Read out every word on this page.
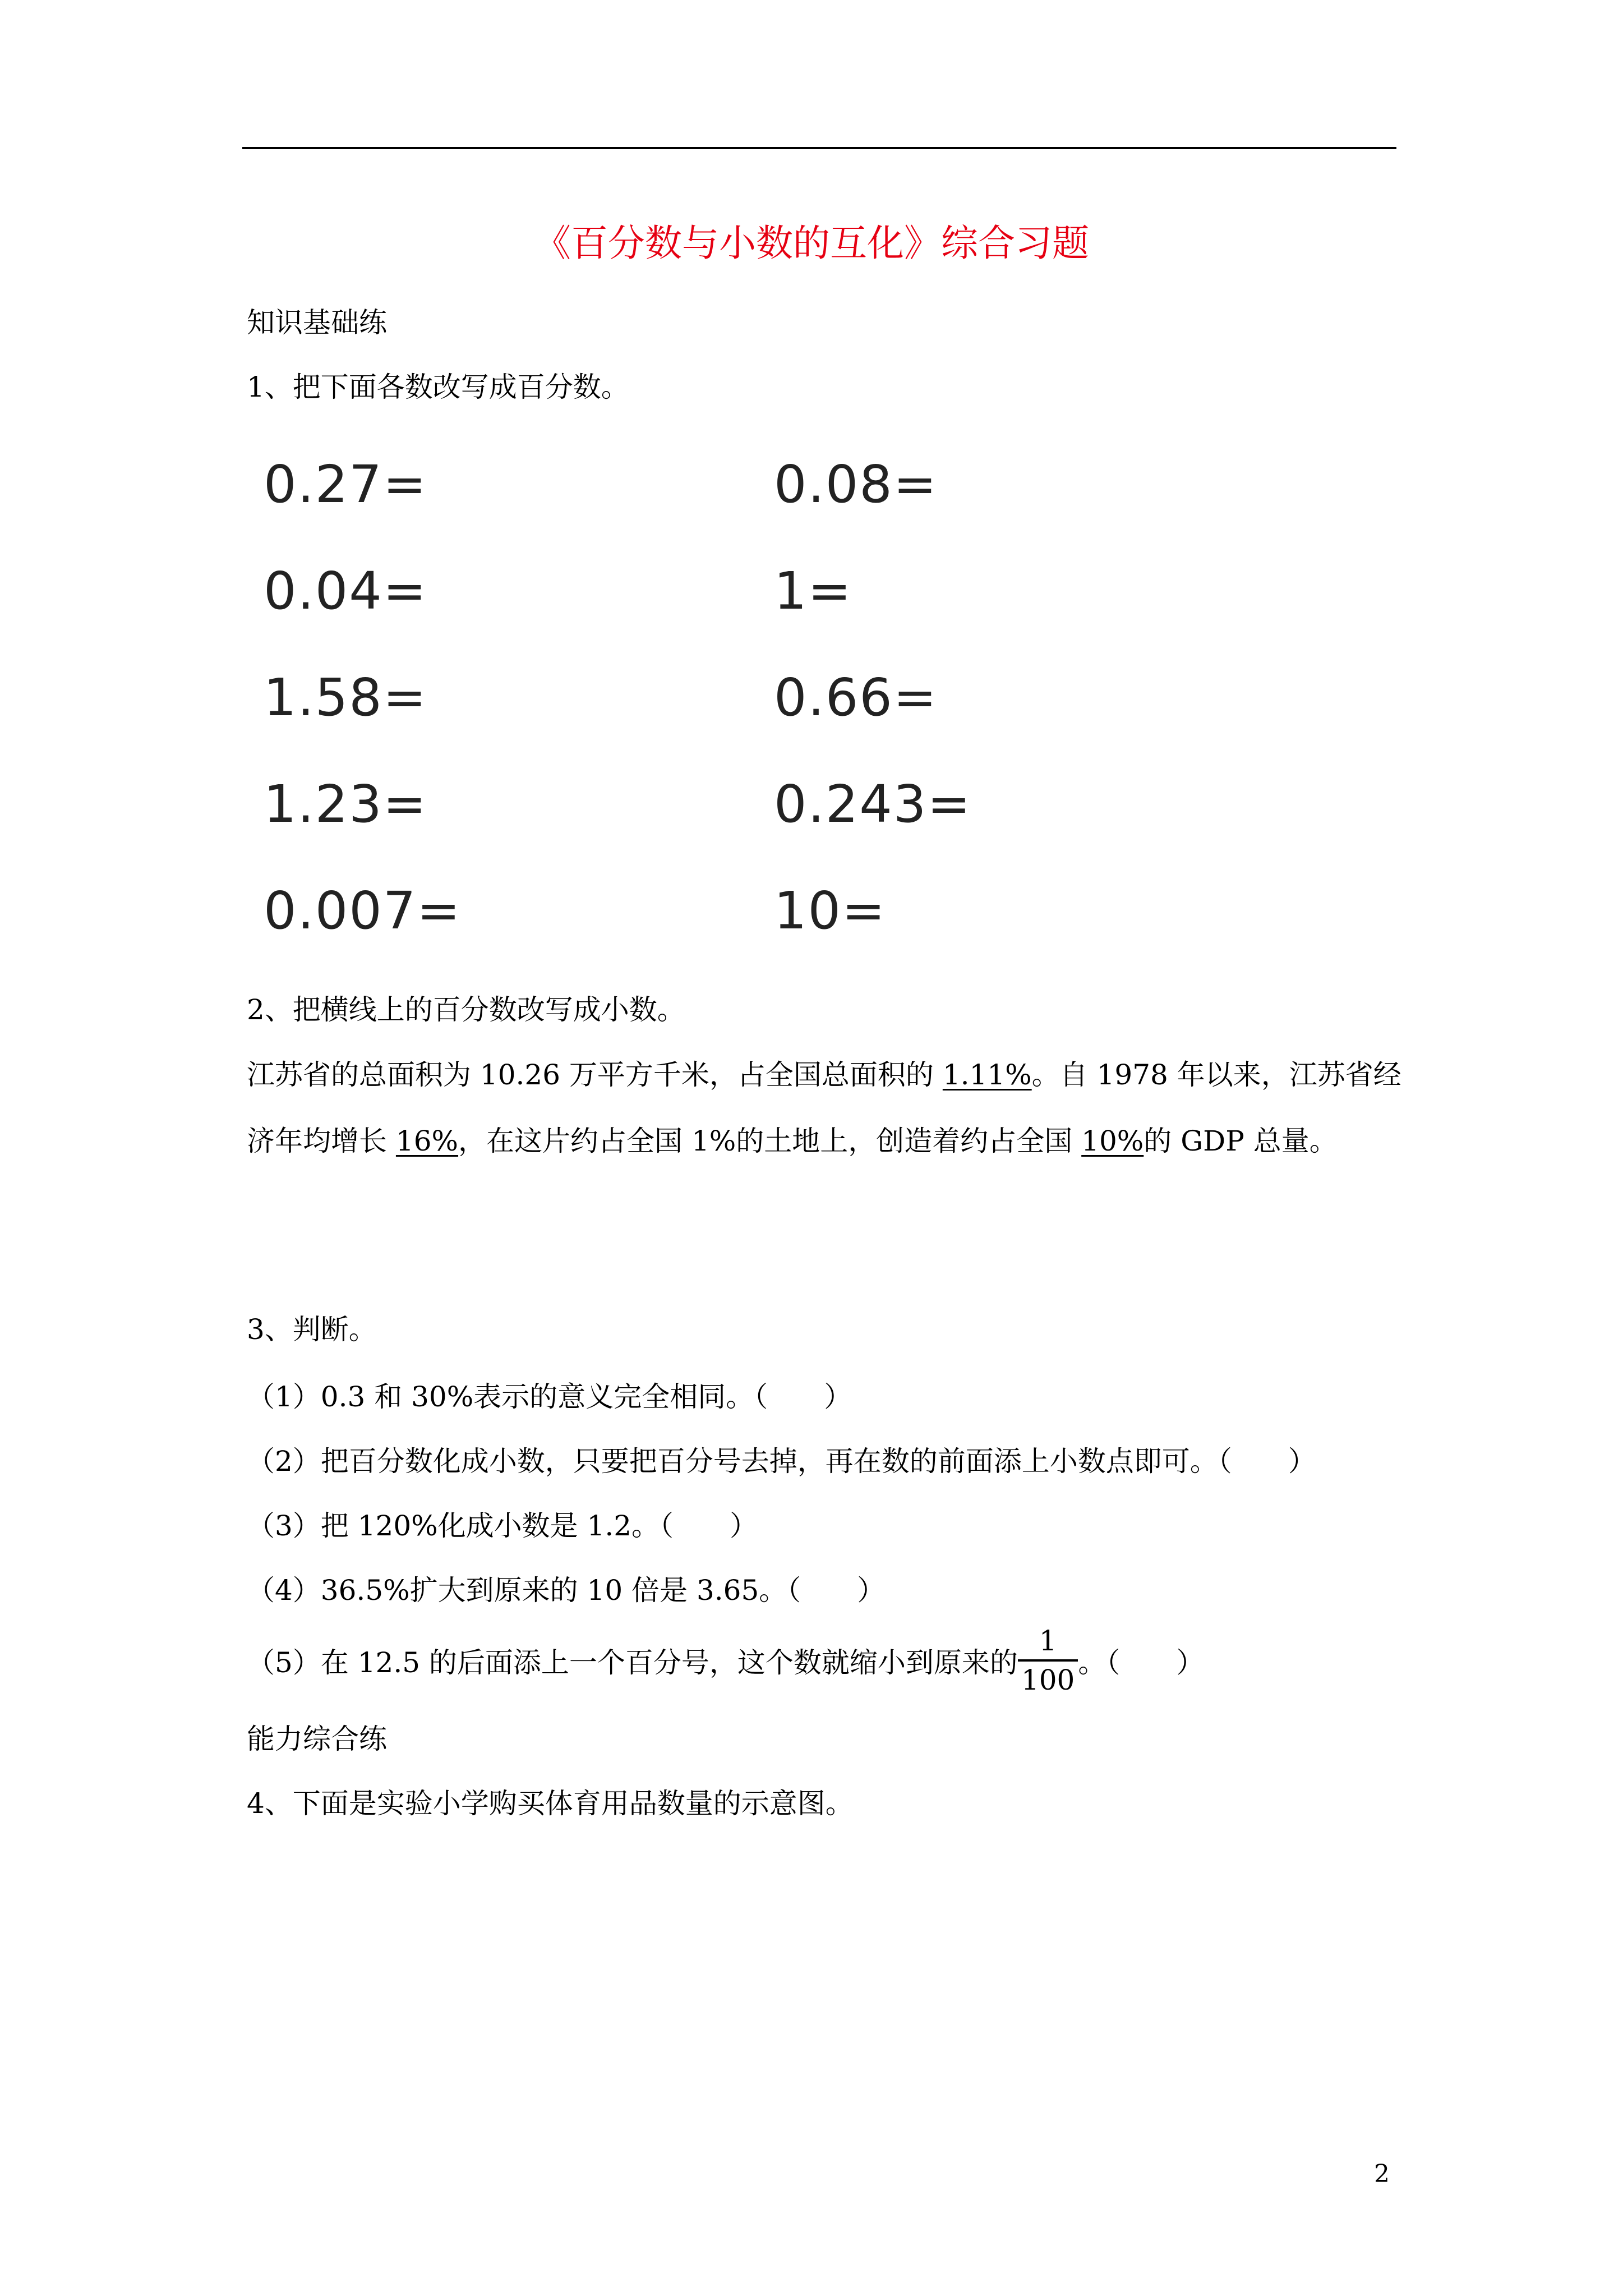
《百分数与小数的互化》综合习题
知识基础练
1、把下面各数改写成百分数。
0.27=	0.08=
0.04=	1=
1.58=	0.66=
1.23=	0.243=
0.007=	10=
2、把横线上的百分数改写成小数。
江苏省的总面积为 10.26 万平方千米，占全国总面积的 1.11%。自 1978 年以来，江苏省经
济年均增长 16%，在这片约占全国 1%的土地上，创造着约占全国 10%的 GDP 总量。
3、判断。
（1）0.3 和 30%表示的意义完全相同。（　　）
（2）把百分数化成小数，只要把百分号去掉，再在数的前面添上小数点即可。（　　）
（3）把 120%化成小数是 1.2。（　　）
（4）36.5%扩大到原来的 10 倍是 3.65。（　　）
（5）在 12.5 的后面添上一个百分号，这个数就缩小到原来的 $\frac{1}{100}$ 。（　　）
能力综合练
4、下面是实验小学购买体育用品数量的示意图。
2
